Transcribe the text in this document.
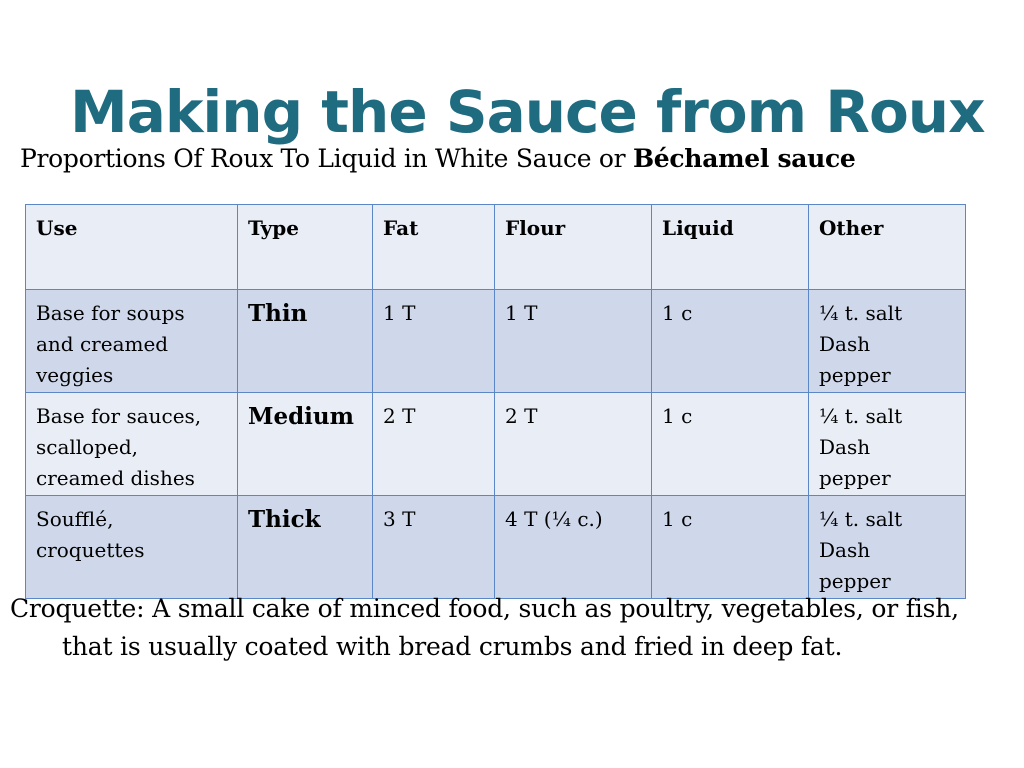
Making the Sauce from Roux

Proportions Of Roux To Liquid in White Sauce or Béchamel sauce

Use	Type	Fat	Flour	Liquid	Other
Base for soups and creamed veggies	Thin	1 T	1 T	1 c	¼ t. salt
Dash
pepper

Base for sauces, scalloped, creamed dishes	Medium	2 T	2 T	1 c	¼ t. salt
Dash
pepper

Soufflé, croquettes	Thick	3 T	4 T (¼ c.)	1 c	¼ t. salt
Dash
pepper

Croquette: A small cake of minced food, such as poultry, vegetables, or fish, that is usually coated with bread crumbs and fried in deep fat.
